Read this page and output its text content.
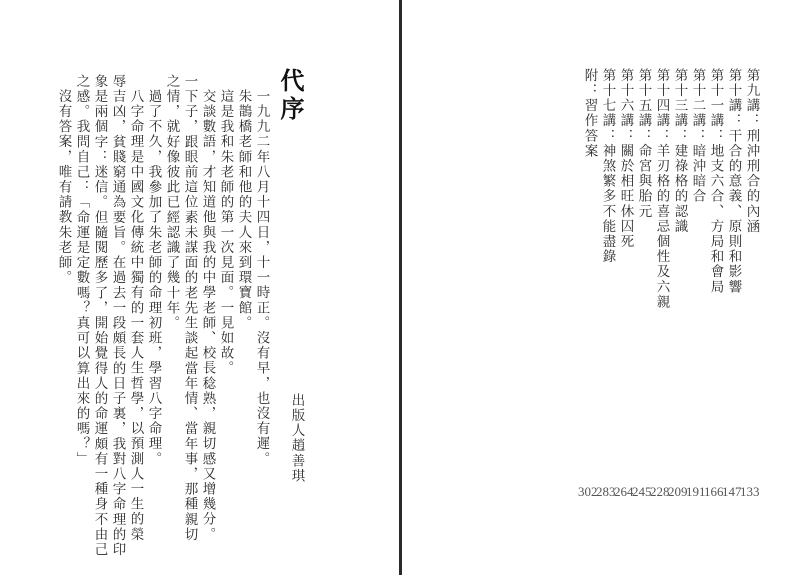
代序
出版人趙善琪
一九九二年八月十四日，十一時正。沒有早，也沒有遲。
朱鵲橋老師和他的夫人來到環寶館。
這是我和朱老師的第一次見面。一見如故。
交談數語，才知道他與我的中學老師、校長稔熟，親切感又增幾分。
一下子，跟眼前這位素未謀面的老先生談起當年情、當年事，那種親切
之情，就好像彼此已經認識了幾十年。
過了不久，我參加了朱老師的命理初班，學習八字命理。
八字命理是中國文化傳統中獨有的一套人生哲學，以預測人一生的榮
辱吉凶，貧賤窮通為要旨。在過去一段頗長的日子裏，我對八字命理的印
象是兩個字：迷信。但隨閱歷多了，開始覺得人的命運頗有一種身不由己
之感。我問自己：「命運是定數嗎？真可以算出來的嗎？」
沒有答案，唯有請教朱老師。	第九講：刑沖刑合的內涵
第十講：干合的意義、原則和影響
第十一講：地支六合、方局和會局
第十二講：暗沖暗合
第十三講：建祿格的認識
第十四講：羊刃格的喜忌個性及六親
第十五講：命宮與胎元
第十六講：關於相旺休囚死
第十七講：神煞繁多不能盡錄
附：習作答案
133
147
166
191
209
228
245
264
283
302
